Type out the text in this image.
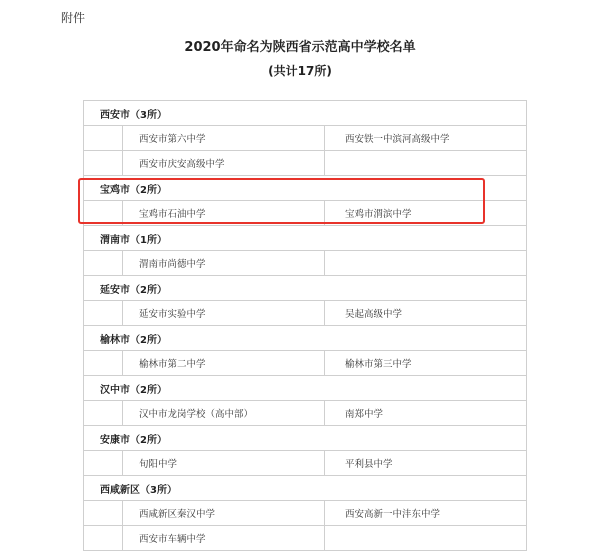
附件
2020年命名为陕西省示范高中学校名单
(共计17所)
西安市（3所）		
	西安市第六中学	西安铁一中滨河高级中学
	西安市庆安高级中学	
宝鸡市（2所）		
	宝鸡市石油中学	宝鸡市渭滨中学
渭南市（1所）		
	渭南市尚德中学	
延安市（2所）		
	延安市实验中学	吴起高级中学
榆林市（2所）		
	榆林市第二中学	榆林市第三中学
汉中市（2所）		
	汉中市龙岗学校（高中部）	南郑中学
安康市（2所）		
	旬阳中学	平利县中学
西咸新区（3所）		
	西咸新区秦汉中学	西安高新一中沣东中学
	西安市车辆中学	
